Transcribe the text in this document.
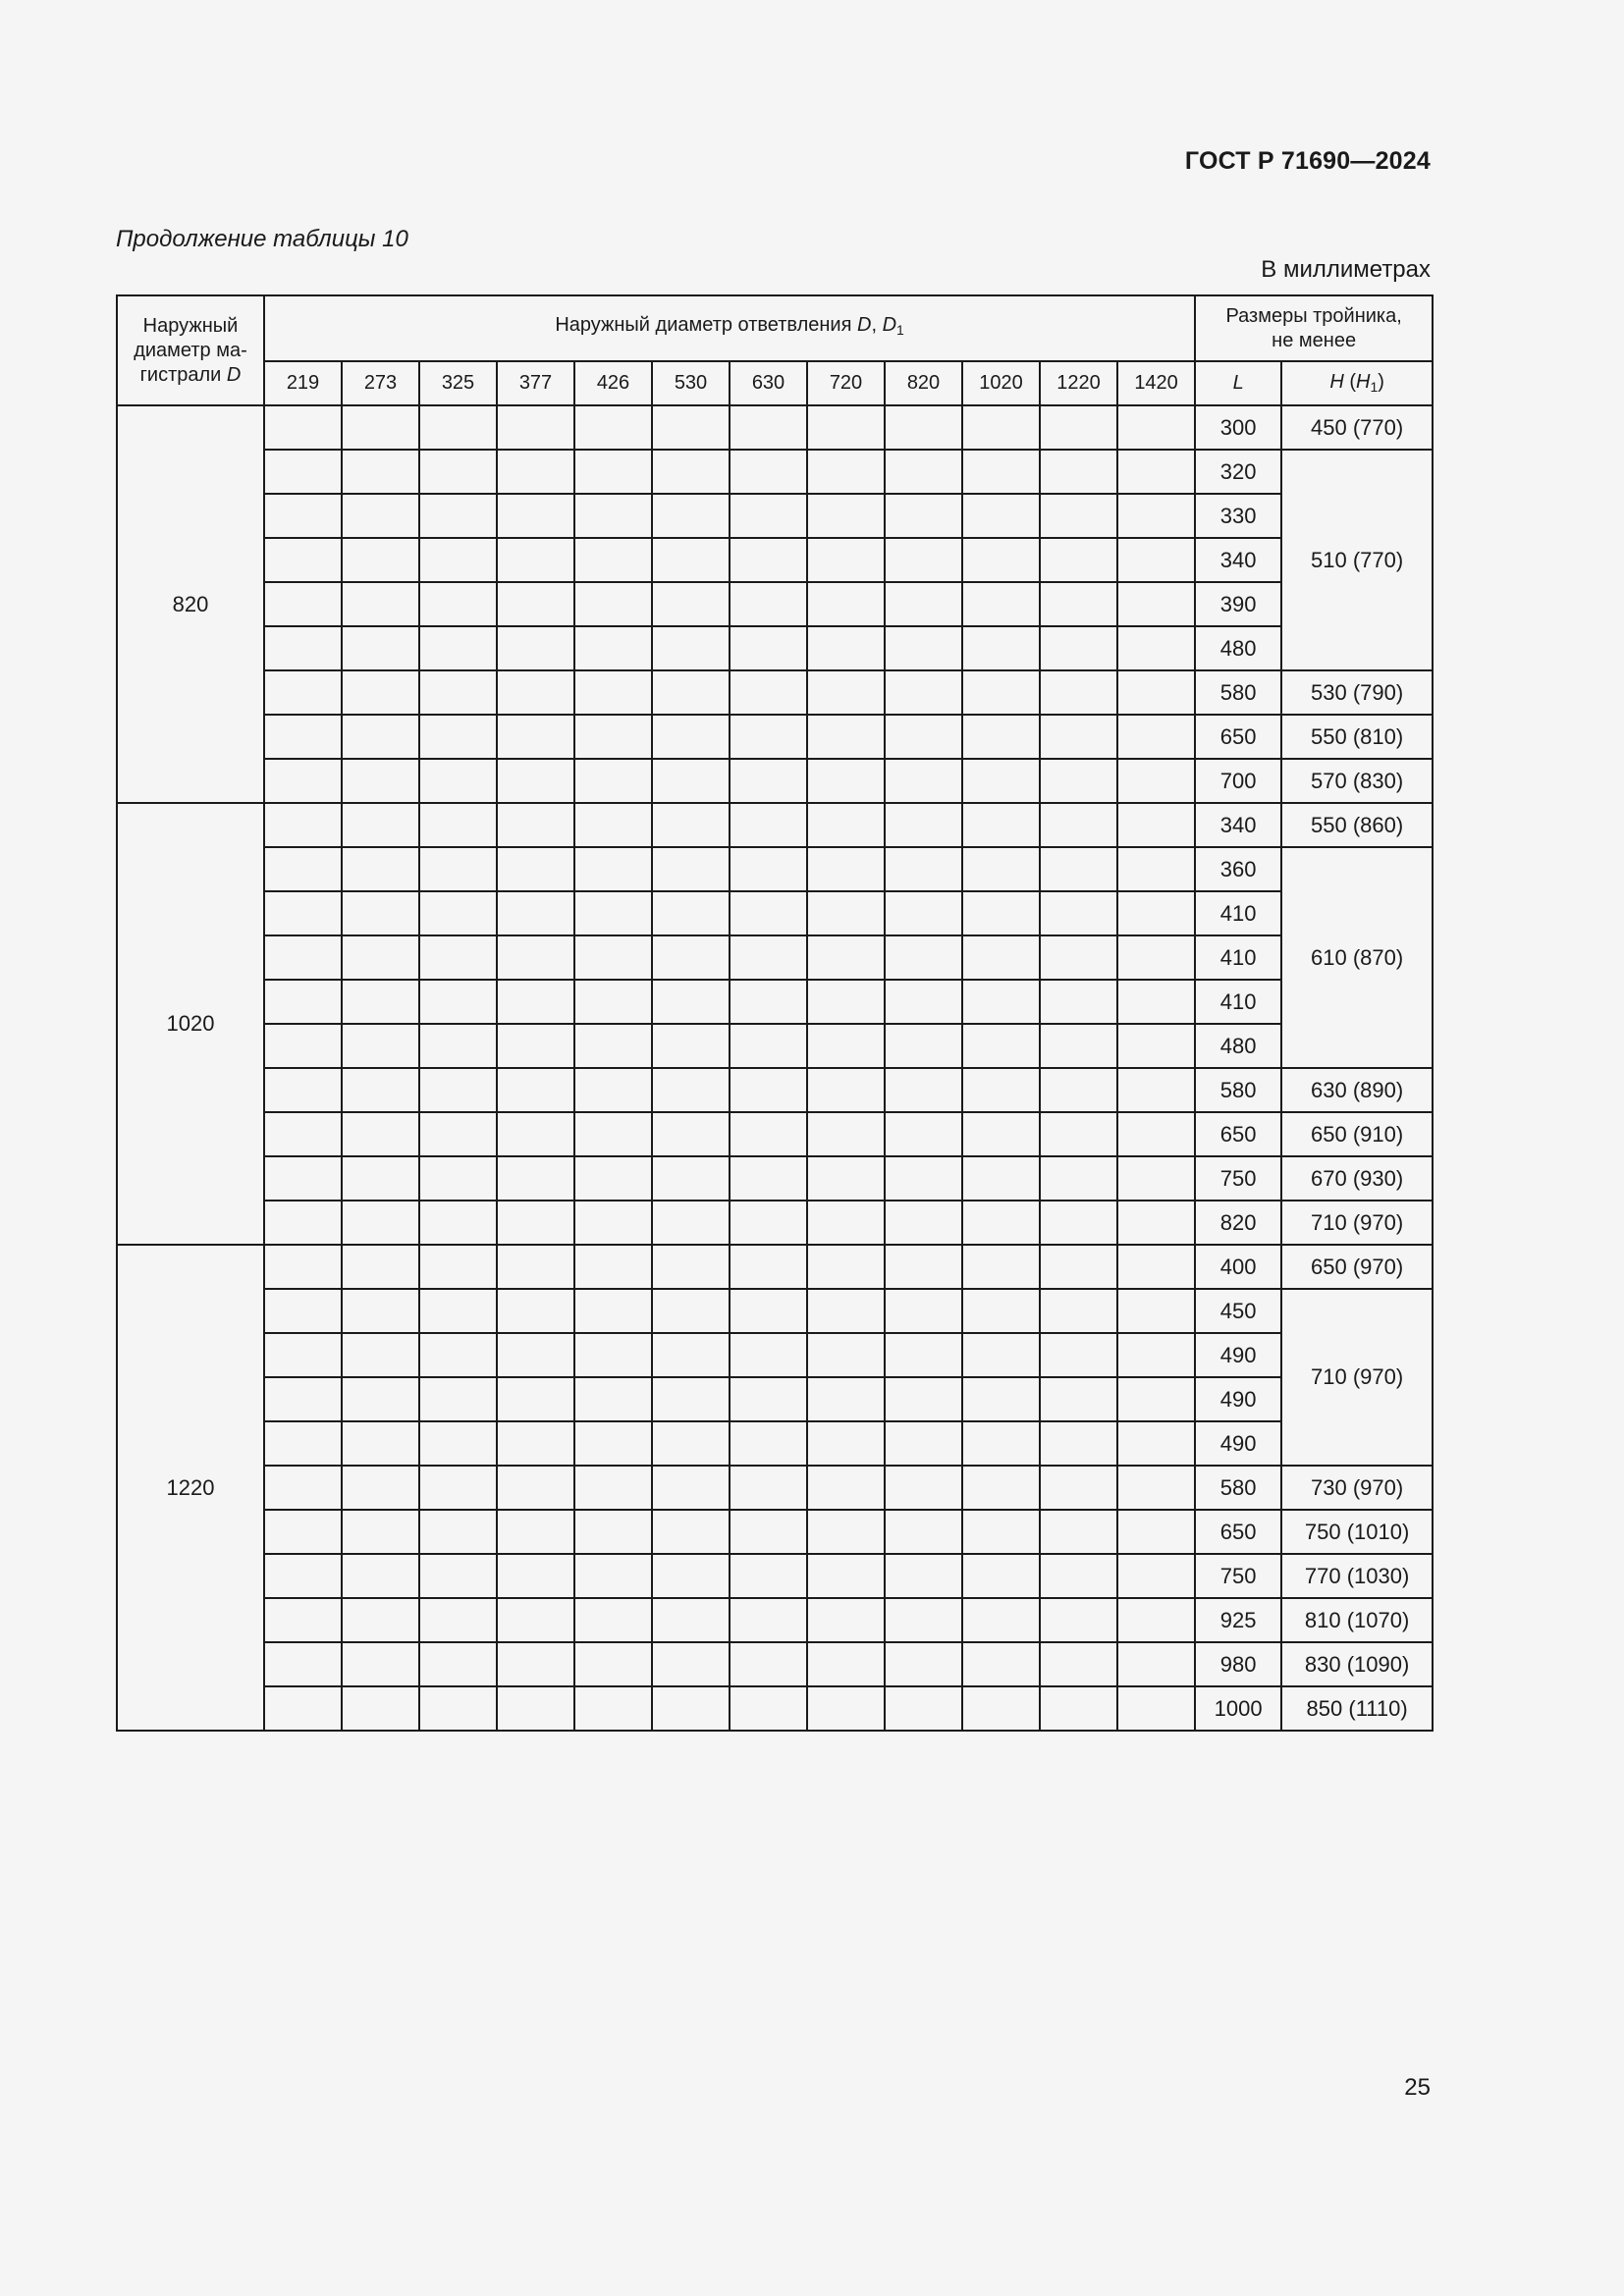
ГОСТ Р 71690—2024
Продолжение таблицы 10
В миллиметрах
Наружный
диаметр ма-
гистрали D	Наружный диаметр ответвления D, $D_1$												Размеры тройника,
не менее	
	219	273	325	377	426	530	630	720	820	1020	1220	1420	L	H $(H_1)$
820													300	450 (770)
													320	510 (770)
													330	
													340	
													390	
													480	
													580	530 (790)
													650	550 (810)
													700	570 (830)
1020													340	550 (860)
													360	610 (870)
													410	
													410	
													410	
													480	
													580	630 (890)
													650	650 (910)
													750	670 (930)
													820	710 (970)
1220													400	650 (970)
													450	710 (970)
													490	
													490	
													490	
													580	730 (970)
													650	750 (1010)
													750	770 (1030)
													925	810 (1070)
													980	830 (1090)
													1000	850 (1110)
25
